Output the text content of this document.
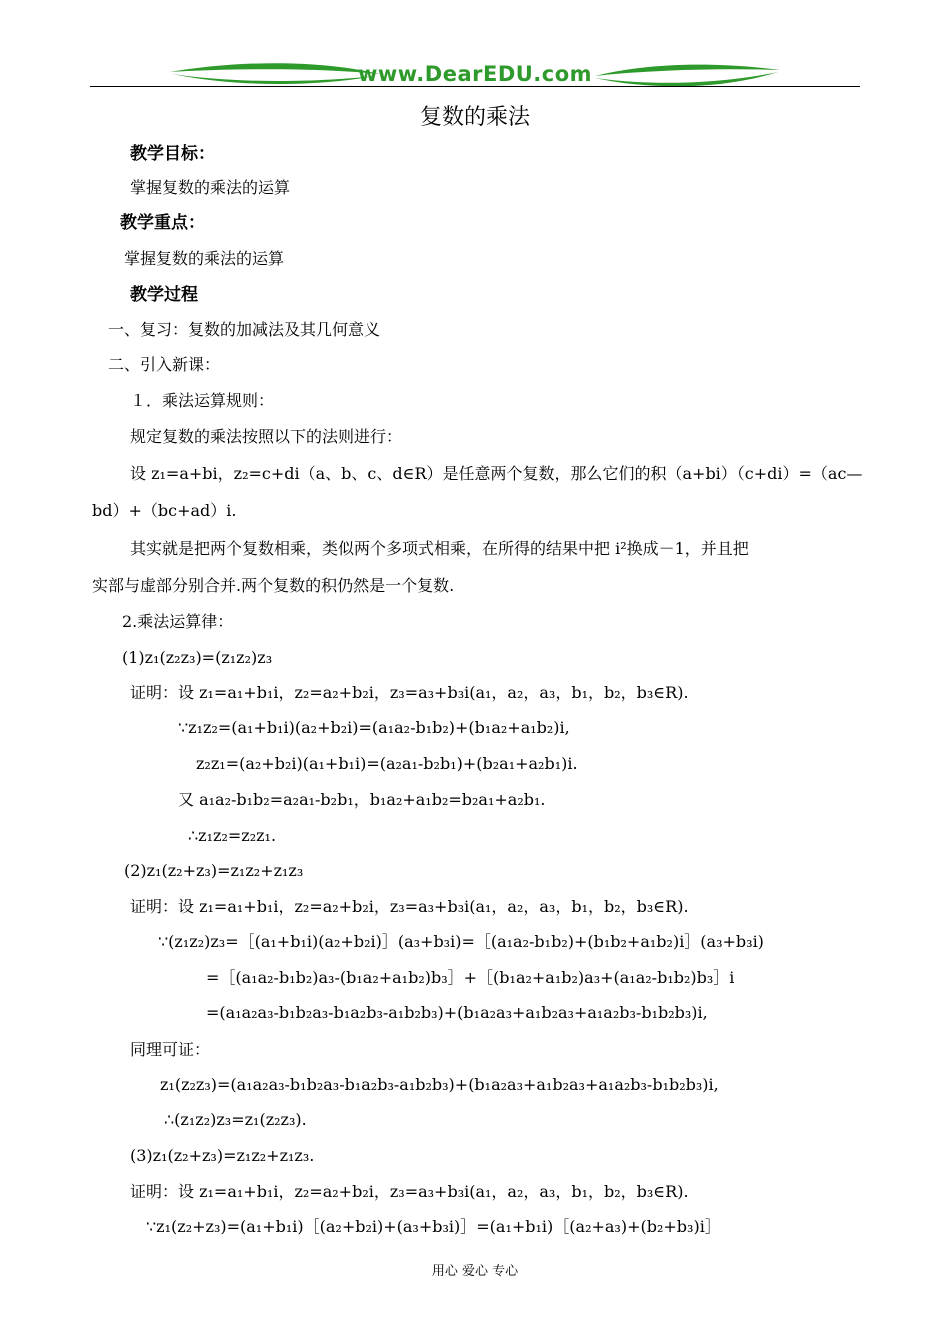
www.DearEDU.com
复数的乘法
教学目标：
掌握复数的乘法的运算
教学重点：
掌握复数的乘法的运算
教学过程
一、复习：复数的加减法及其几何意义
二、引入新课：
１．乘法运算规则：
规定复数的乘法按照以下的法则进行：
设 z₁=a+bi，z₂=c+di（a、b、c、d∈R）是任意两个复数，那么它们的积（a+bi）（c+di）=（ac—
bd）+（bc+ad）i.
其实就是把两个复数相乘，类似两个多项式相乘，在所得的结果中把 i²换成－1，并且把
实部与虚部分别合并.两个复数的积仍然是一个复数.
2.乘法运算律：
(1)z₁(z₂z₃)=(z₁z₂)z₃
证明：设 z₁=a₁+b₁i，z₂=a₂+b₂i，z₃=a₃+b₃i(a₁，a₂，a₃，b₁，b₂，b₃∈R).
∵z₁z₂=(a₁+b₁i)(a₂+b₂i)=(a₁a₂-b₁b₂)+(b₁a₂+a₁b₂)i,
z₂z₁=(a₂+b₂i)(a₁+b₁i)=(a₂a₁-b₂b₁)+(b₂a₁+a₂b₁)i.
又 a₁a₂-b₁b₂=a₂a₁-b₂b₁，b₁a₂+a₁b₂=b₂a₁+a₂b₁.
∴z₁z₂=z₂z₁.
(2)z₁(z₂+z₃)=z₁z₂+z₁z₃
证明：设 z₁=a₁+b₁i，z₂=a₂+b₂i，z₃=a₃+b₃i(a₁，a₂，a₃，b₁，b₂，b₃∈R).
∵(z₁z₂)z₃=［(a₁+b₁i)(a₂+b₂i)］(a₃+b₃i)=［(a₁a₂-b₁b₂)+(b₁b₂+a₁b₂)i］(a₃+b₃i)
=［(a₁a₂-b₁b₂)a₃-(b₁a₂+a₁b₂)b₃］+［(b₁a₂+a₁b₂)a₃+(a₁a₂-b₁b₂)b₃］i
=(a₁a₂a₃-b₁b₂a₃-b₁a₂b₃-a₁b₂b₃)+(b₁a₂a₃+a₁b₂a₃+a₁a₂b₃-b₁b₂b₃)i,
同理可证：
z₁(z₂z₃)=(a₁a₂a₃-b₁b₂a₃-b₁a₂b₃-a₁b₂b₃)+(b₁a₂a₃+a₁b₂a₃+a₁a₂b₃-b₁b₂b₃)i,
∴(z₁z₂)z₃=z₁(z₂z₃).
(3)z₁(z₂+z₃)=z₁z₂+z₁z₃.
证明：设 z₁=a₁+b₁i，z₂=a₂+b₂i，z₃=a₃+b₃i(a₁，a₂，a₃，b₁，b₂，b₃∈R).
∵z₁(z₂+z₃)=(a₁+b₁i)［(a₂+b₂i)+(a₃+b₃i)］=(a₁+b₁i)［(a₂+a₃)+(b₂+b₃)i］
用心 爱心 专心
